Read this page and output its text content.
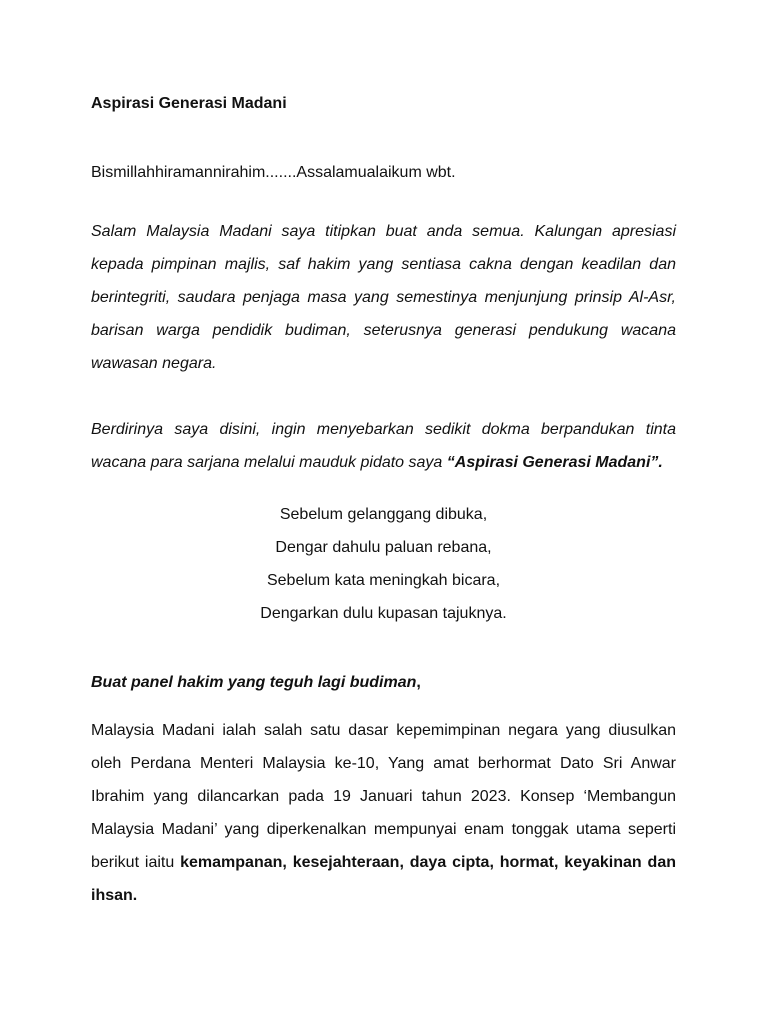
Aspirasi Generasi Madani
Bismillahhiramannirahim.......Assalamualaikum wbt.

Salam Malaysia Madani saya titipkan buat anda semua. Kalungan apresiasi kepada pimpinan majlis, saf hakim yang sentiasa cakna dengan keadilan dan berintegriti, saudara penjaga masa yang semestinya menjunjung prinsip Al-Asr, barisan warga pendidik budiman, seterusnya generasi pendukung wacana wawasan negara.

Berdirinya saya disini, ingin menyebarkan sedikit dokma berpandukan tinta wacana para sarjana melalui mauduk pidato saya “Aspirasi Generasi Madani”.

Sebelum gelanggang dibuka,
Dengar dahulu paluan rebana,
Sebelum kata meningkah bicara,
Dengarkan dulu kupasan tajuknya.
Buat panel hakim yang teguh lagi budiman,

Malaysia Madani ialah salah satu dasar kepemimpinan negara yang diusulkan oleh Perdana Menteri Malaysia ke-10, Yang amat berhormat Dato Sri Anwar Ibrahim yang dilancarkan pada 19 Januari tahun 2023. Konsep ‘Membangun Malaysia Madani’ yang diperkenalkan mempunyai enam tonggak utama seperti berikut iaitu kemampanan, kesejahteraan, daya cipta, hormat, keyakinan dan ihsan.
